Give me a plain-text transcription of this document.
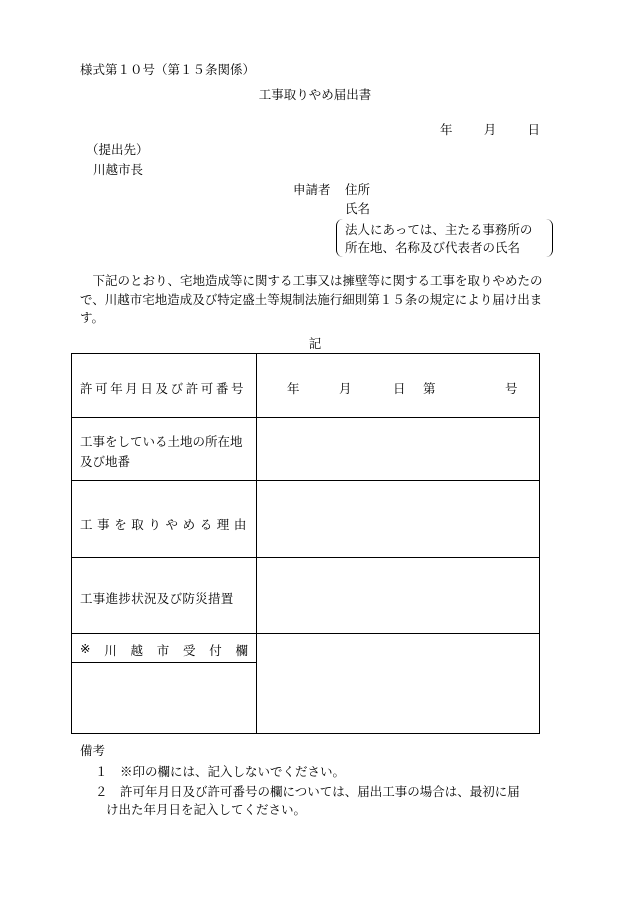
様式第１０号（第１５条関係）
工事取りやめ届出書
年 月 日
（提出先）
川越市長
申請者 住所
氏名
法人にあっては、主たる事務所の
所在地、名称及び代表者の氏名

下記のとおり、宅地造成等に関する工事又は擁壁等に関する工事を取りやめたので、川越市宅地造成及び特定盛土等規制法施行細則第１５条の規定により届け出ます。

記
許可年月日及び許可番号	年	月	日	第	号
工事をしている土地の所在地及び地番
工事を取りやめる理由
工事進捗状況及び防災措置
※ 川 越 市 受 付 欄
備考
１ ※印の欄には、記入しないでください。
２ 許可年月日及び許可番号の欄については、届出工事の場合は、最初に届
け出た年月日を記入してください。
